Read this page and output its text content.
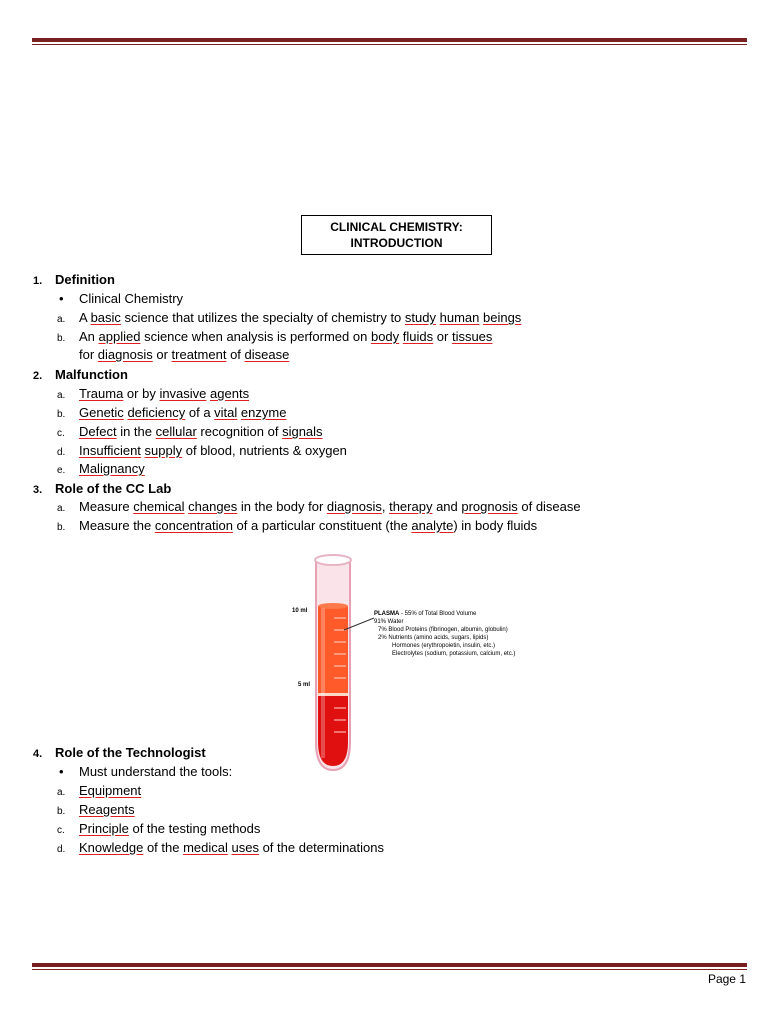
CLINICAL CHEMISTRY:
INTRODUCTION
1. Definition
• Clinical Chemistry
a. A basic science that utilizes the specialty of chemistry to study human beings
b. An applied science when analysis is performed on body fluids or tissues
for diagnosis or treatment of disease
2. Malfunction
a. Trauma or by invasive agents
b. Genetic deficiency of a vital enzyme
c. Defect in the cellular recognition of signals
d. Insufficient supply of blood, nutrients & oxygen
e. Malignancy
3. Role of the CC Lab
a. Measure chemical changes in the body for diagnosis, therapy and prognosis of disease
b. Measure the concentration of a particular constituent (the analyte) in body fluids
10 ml
5 ml
PLASMA - 55% of Total Blood Volume
91% Water
7% Blood Proteins (fibrinogen, albumin, globulin)
2% Nutrients (amino acids, sugars, lipids)
Hormones (erythropoietin, insulin, etc.)
Electrolytes (sodium, potassium, calcium, etc.)
4. Role of the Technologist
• Must understand the tools:
a. Equipment
b. Reagents
c. Principle of the testing methods
d. Knowledge of the medical uses of the determinations
Page 1
